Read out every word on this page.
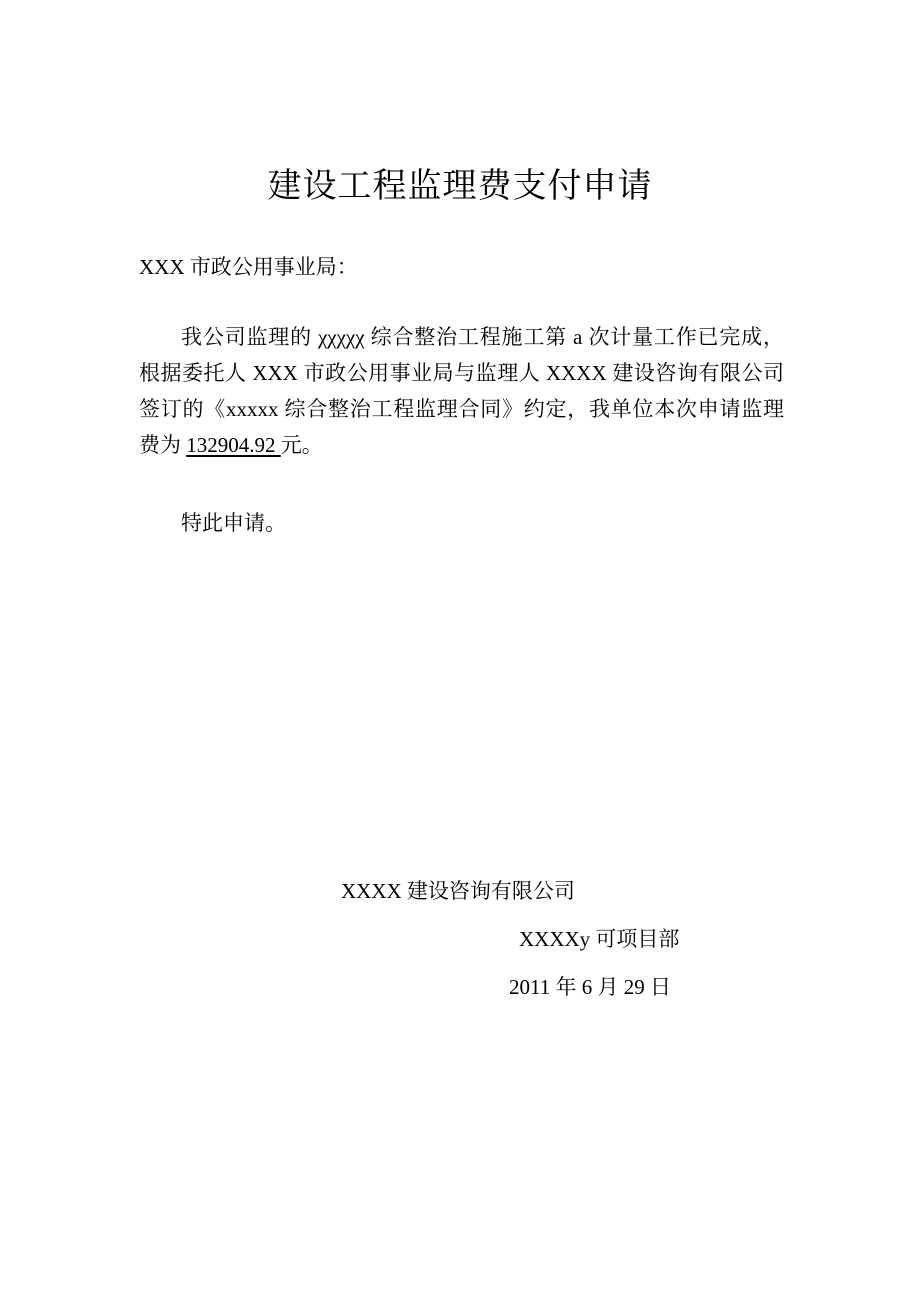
建设工程监理费支付申请
XXX 市政公用事业局：
我公司监理的 χχχχχ 综合整治工程施工第 a 次计量工作已完成，
根据委托人 XXX 市政公用事业局与监理人 XXXX 建设咨询有限公司
签订的《xxxxx 综合整治工程监理合同》约定，我单位本次申请监理
费为 132904.92 元。
特此申请。
XXXX 建设咨询有限公司
XXXXy 可项目部
2011 年 6 月 29 日
